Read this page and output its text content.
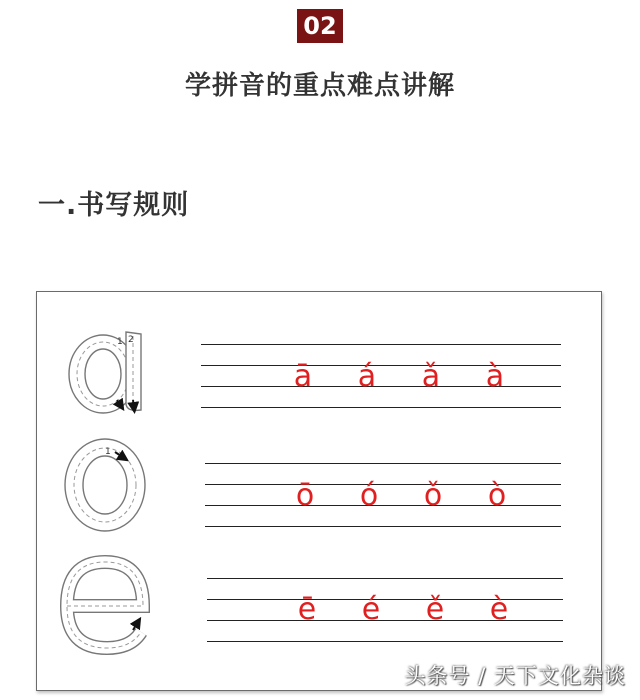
02
学拼音的重点难点讲解
一.书写规则
1 2
1
ā	á	ǎ	à
ō	ó	ǒ	ò
ē	é	ě	è
头条号 / 天下文化杂谈
